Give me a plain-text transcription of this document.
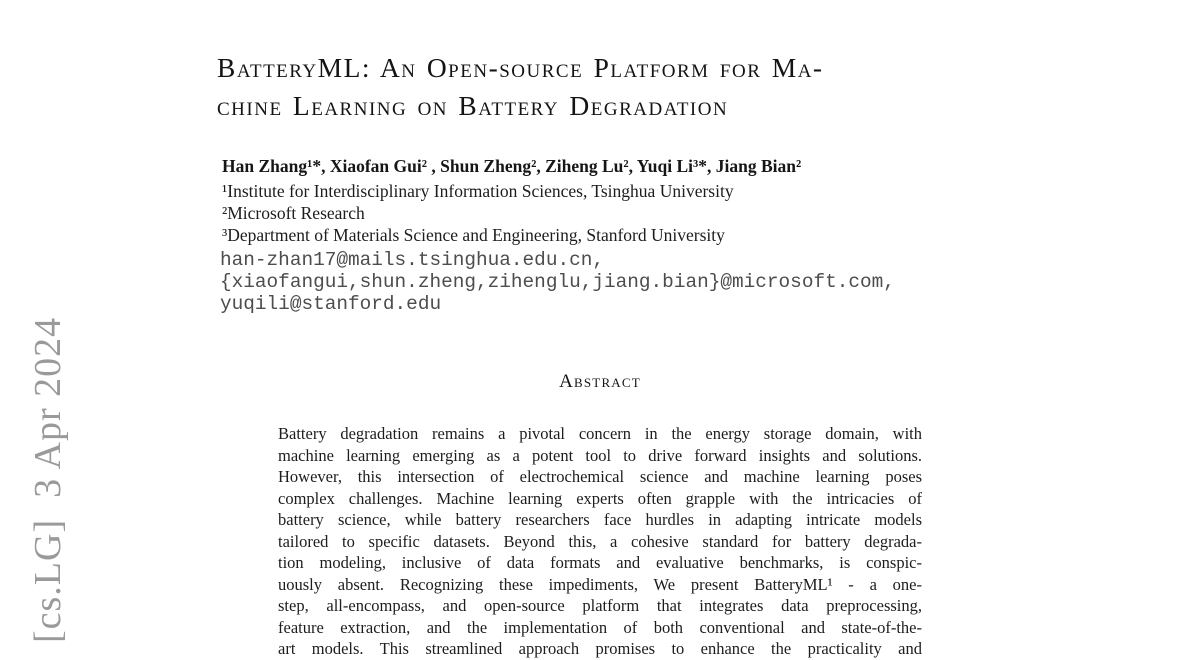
[cs.LG]  3 Apr 2024
BatteryML: An Open-source Platform for Ma-
chine Learning on Battery Degradation
Han Zhang¹*, Xiaofan Gui² , Shun Zheng², Ziheng Lu², Yuqi Li³*, Jiang Bian²
¹Institute for Interdisciplinary Information Sciences, Tsinghua University
²Microsoft Research
³Department of Materials Science and Engineering, Stanford University
han-zhan17@mails.tsinghua.edu.cn,
{xiaofangui,shun.zheng,zihenglu,jiang.bian}@microsoft.com,
yuqili@stanford.edu
Abstract
Battery degradation remains a pivotal concern in the energy storage domain, with
machine learning emerging as a potent tool to drive forward insights and solutions.
However, this intersection of electrochemical science and machine learning poses
complex challenges. Machine learning experts often grapple with the intricacies of
battery science, while battery researchers face hurdles in adapting intricate models
tailored to specific datasets. Beyond this, a cohesive standard for battery degrada-
tion modeling, inclusive of data formats and evaluative benchmarks, is conspic-
uously absent. Recognizing these impediments, We present BatteryML¹ - a one-
step, all-encompass, and open-source platform that integrates data preprocessing,
feature extraction, and the implementation of both conventional and state-of-the-
art models. This streamlined approach promises to enhance the practicality and
